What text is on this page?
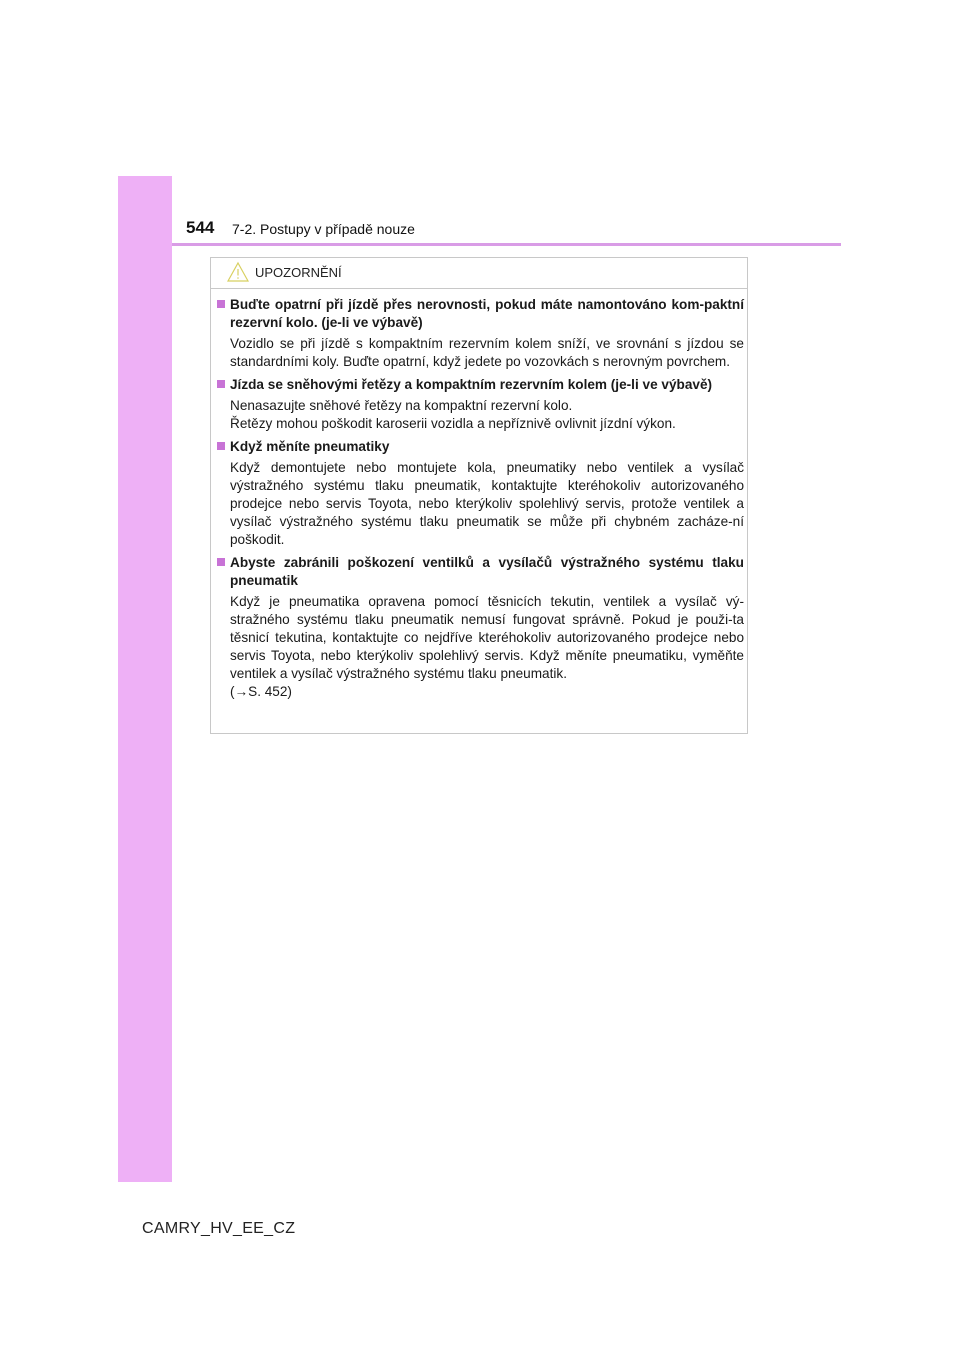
544 7-2. Postupy v případě nouze
UPOZORNĚNÍ
Buďte opatrní při jízdě přes nerovnosti, pokud máte namontováno kom-paktní rezervní kolo. (je-li ve výbavě)

Vozidlo se při jízdě s kompaktním rezervním kolem sníží, ve srovnání s jízdou se standardními koly. Buďte opatrní, když jedete po vozovkách s nerovným povrchem.

Jízda se sněhovými řetězy a kompaktním rezervním kolem (je-li ve výbavě)

Nenasazujte sněhové řetězy na kompaktní rezervní kolo.

Řetězy mohou poškodit karoserii vozidla a nepříznivě ovlivnit jízdní výkon.

Když měníte pneumatiky

Když demontujete nebo montujete kola, pneumatiky nebo ventilek a vysílač výstražného systému tlaku pneumatik, kontaktujte kteréhokoliv autorizovaného prodejce nebo servis Toyota, nebo kterýkoliv spolehlivý servis, protože ventilek a vysílač výstražného systému tlaku pneumatik se může při chybném zacháze-ní poškodit.

Abyste zabránili poškození ventilků a vysílačů výstražného systému tlaku pneumatik

Když je pneumatika opravena pomocí těsnicích tekutin, ventilek a vysílač vý-stražného systému tlaku pneumatik nemusí fungovat správně. Pokud je použi-ta těsnicí tekutina, kontaktujte co nejdříve kteréhokoliv autorizovaného prodejce nebo servis Toyota, nebo kterýkoliv spolehlivý servis. Když měníte pneumatiku, vyměňte ventilek a vysílač výstražného systému tlaku pneumatik.

(→S. 452)

CAMRY_HV_EE_CZ
